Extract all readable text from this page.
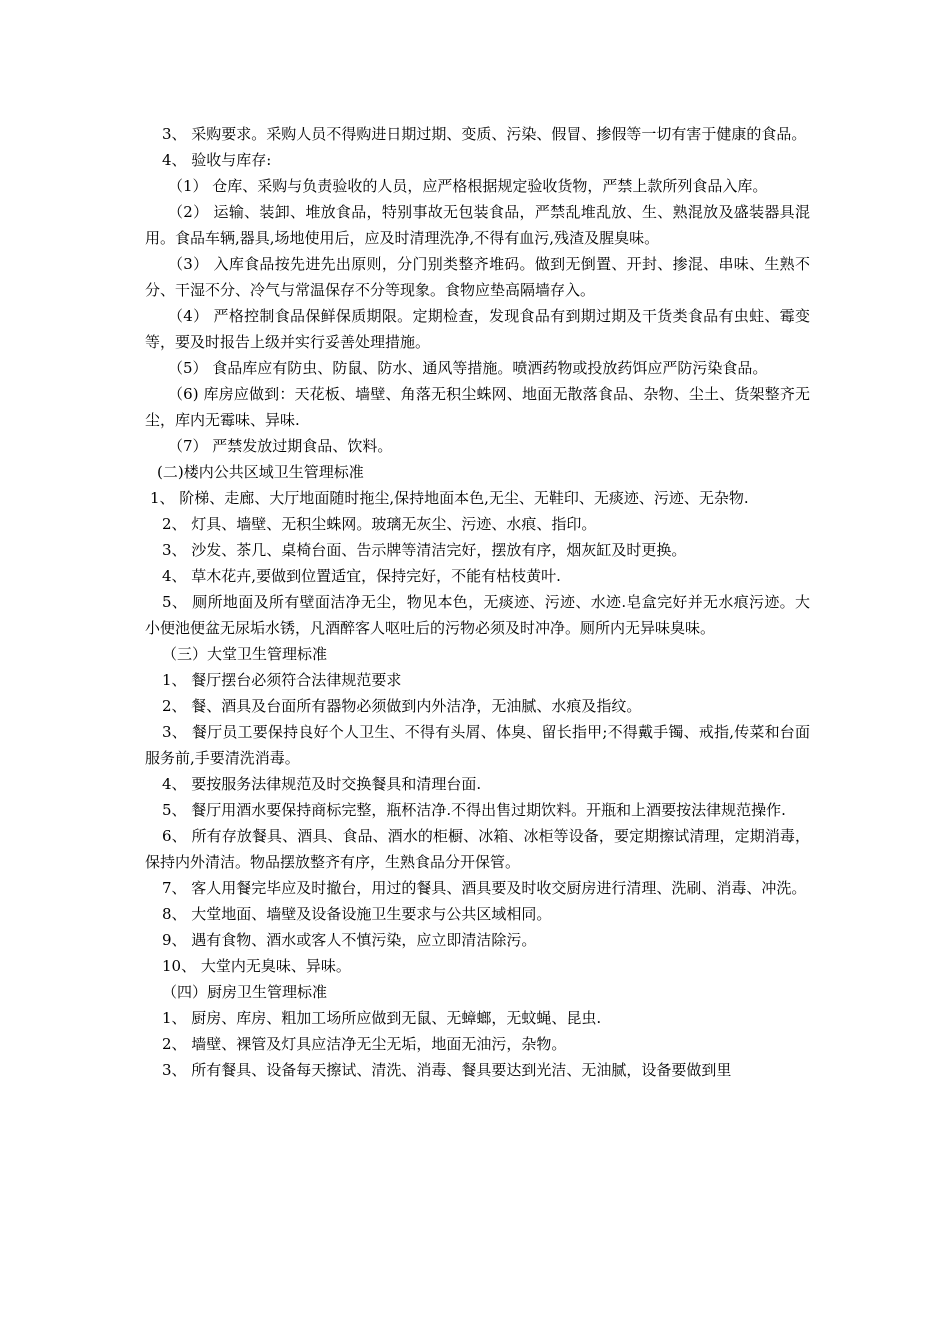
3、 采购要求。采购人员不得购进日期过期、变质、污染、假冒、掺假等一切有害于健康的食品。

4、 验收与库存:

（1） 仓库、采购与负责验收的人员，应严格根据规定验收货物，严禁上款所列食品入库。

（2） 运输、装卸、堆放食品，特别事故无包装食品，严禁乱堆乱放、生、熟混放及盛装器具混用。食品车辆,器具,场地使用后，应及时清理洗净,不得有血污,残渣及腥臭味。

（3） 入库食品按先进先出原则，分门别类整齐堆码。做到无倒置、开封、掺混、串味、生熟不分、干湿不分、冷气与常温保存不分等现象。食物应垫高隔墙存入。

（4） 严格控制食品保鲜保质期限。定期检查，发现食品有到期过期及干货类食品有虫蛀、霉变等，要及时报告上级并实行妥善处理措施。

（5） 食品库应有防虫、防鼠、防水、通风等措施。喷洒药物或投放药饵应严防污染食品。

（6) 库房应做到：天花板、墙壁、角落无积尘蛛网、地面无散落食品、杂物、尘土、货架整齐无尘，库内无霉味、异味.

（7） 严禁发放过期食品、饮料。

(二)楼内公共区域卫生管理标准

1、 阶梯、走廊、大厅地面随时拖尘,保持地面本色,无尘、无鞋印、无痰迹、污迹、无杂物.

2、 灯具、墙壁、无积尘蛛网。玻璃无灰尘、污迹、水痕、指印。

3、 沙发、茶几、桌椅台面、告示牌等清洁完好，摆放有序，烟灰缸及时更换。

4、 草木花卉,要做到位置适宜，保持完好，不能有枯枝黄叶.

5、 厕所地面及所有壁面洁净无尘，物见本色，无痰迹、污迹、水迹.皂盒完好并无水痕污迹。大小便池便盆无尿垢水锈，凡酒醉客人呕吐后的污物必须及时冲净。厕所内无异味臭味。

（三）大堂卫生管理标准

1、 餐厅摆台必须符合法律规范要求

2、 餐、酒具及台面所有器物必须做到内外洁净，无油腻、水痕及指纹。

3、 餐厅员工要保持良好个人卫生、不得有头屑、体臭、留长指甲;不得戴手镯、戒指,传菜和台面服务前,手要清洗消毒。

4、 要按服务法律规范及时交换餐具和清理台面.

5、 餐厅用酒水要保持商标完整，瓶杯洁净.不得出售过期饮料。开瓶和上酒要按法律规范操作.

6、 所有存放餐具、酒具、食品、酒水的柜橱、冰箱、冰柜等设备，要定期擦试清理，定期消毒，保持内外清洁。物品摆放整齐有序，生熟食品分开保管。

7、 客人用餐完毕应及时撤台，用过的餐具、酒具要及时收交厨房进行清理、洗刷、消毒、冲洗。

8、 大堂地面、墙壁及设备设施卫生要求与公共区域相同。

9、 遇有食物、酒水或客人不慎污染，应立即清洁除污。

10、 大堂内无臭味、异味。

（四）厨房卫生管理标准

1、 厨房、库房、粗加工场所应做到无鼠、无蟑螂，无蚊蝇、昆虫.

2、 墙壁、裸管及灯具应洁净无尘无垢，地面无油污，杂物。

3、 所有餐具、设备每天擦试、清洗、消毒、餐具要达到光洁、无油腻，设备要做到里
